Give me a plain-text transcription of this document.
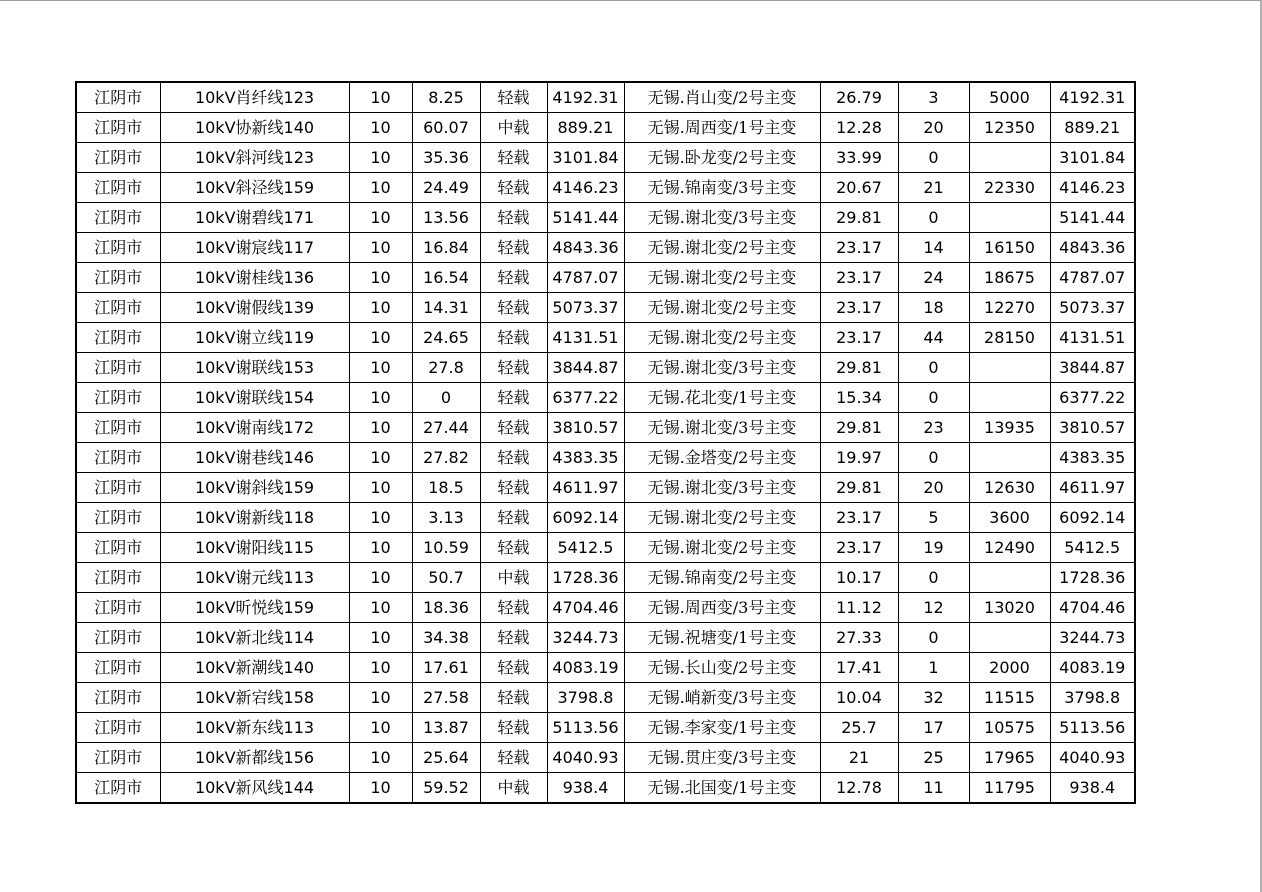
江阴市	10kV肖纤线123	10	8.25	轻载	4192.31	无锡.肖山变/2号主变	26.79	3	5000	4192.31
江阴市	10kV协新线140	10	60.07	中载	889.21	无锡.周西变/1号主变	12.28	20	12350	889.21
江阴市	10kV斜河线123	10	35.36	轻载	3101.84	无锡.卧龙变/2号主变	33.99	0		3101.84
江阴市	10kV斜泾线159	10	24.49	轻载	4146.23	无锡.锦南变/3号主变	20.67	21	22330	4146.23
江阴市	10kV谢碧线171	10	13.56	轻载	5141.44	无锡.谢北变/3号主变	29.81	0		5141.44
江阴市	10kV谢宸线117	10	16.84	轻载	4843.36	无锡.谢北变/2号主变	23.17	14	16150	4843.36
江阴市	10kV谢桂线136	10	16.54	轻载	4787.07	无锡.谢北变/2号主变	23.17	24	18675	4787.07
江阴市	10kV谢假线139	10	14.31	轻载	5073.37	无锡.谢北变/2号主变	23.17	18	12270	5073.37
江阴市	10kV谢立线119	10	24.65	轻载	4131.51	无锡.谢北变/2号主变	23.17	44	28150	4131.51
江阴市	10kV谢联线153	10	27.8	轻载	3844.87	无锡.谢北变/3号主变	29.81	0		3844.87
江阴市	10kV谢联线154	10	0	轻载	6377.22	无锡.花北变/1号主变	15.34	0		6377.22
江阴市	10kV谢南线172	10	27.44	轻载	3810.57	无锡.谢北变/3号主变	29.81	23	13935	3810.57
江阴市	10kV谢巷线146	10	27.82	轻载	4383.35	无锡.金塔变/2号主变	19.97	0		4383.35
江阴市	10kV谢斜线159	10	18.5	轻载	4611.97	无锡.谢北变/3号主变	29.81	20	12630	4611.97
江阴市	10kV谢新线118	10	3.13	轻载	6092.14	无锡.谢北变/2号主变	23.17	5	3600	6092.14
江阴市	10kV谢阳线115	10	10.59	轻载	5412.5	无锡.谢北变/2号主变	23.17	19	12490	5412.5
江阴市	10kV谢元线113	10	50.7	中载	1728.36	无锡.锦南变/2号主变	10.17	0		1728.36
江阴市	10kV昕悦线159	10	18.36	轻载	4704.46	无锡.周西变/3号主变	11.12	12	13020	4704.46
江阴市	10kV新北线114	10	34.38	轻载	3244.73	无锡.祝塘变/1号主变	27.33	0		3244.73
江阴市	10kV新潮线140	10	17.61	轻载	4083.19	无锡.长山变/2号主变	17.41	1	2000	4083.19
江阴市	10kV新宕线158	10	27.58	轻载	3798.8	无锡.峭新变/3号主变	10.04	32	11515	3798.8
江阴市	10kV新东线113	10	13.87	轻载	5113.56	无锡.李家变/1号主变	25.7	17	10575	5113.56
江阴市	10kV新都线156	10	25.64	轻载	4040.93	无锡.贯庄变/3号主变	21	25	17965	4040.93
江阴市	10kV新风线144	10	59.52	中载	938.4	无锡.北国变/1号主变	12.78	11	11795	938.4
